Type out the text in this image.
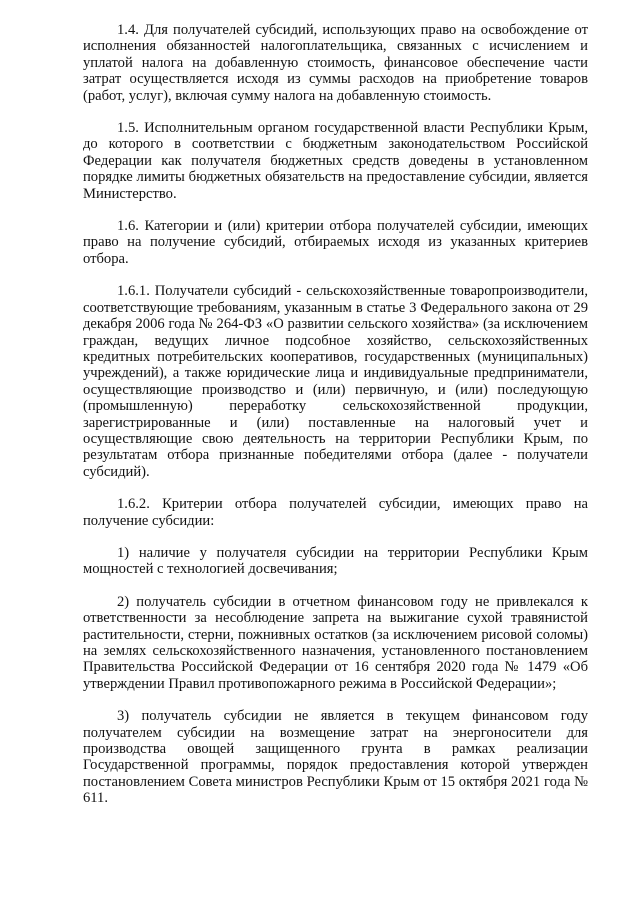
1.4. Для получателей субсидий, использующих право на освобождение от исполнения обязанностей налогоплательщика, связанных с исчислением и уплатой налога на добавленную стоимость, финансовое обеспечение части затрат осуществляется исходя из суммы расходов на приобретение товаров (работ, услуг), включая сумму налога на добавленную стоимость.

1.5. Исполнительным органом государственной власти Республики Крым, до которого в соответствии с бюджетным законодательством Российской Федерации как получателя бюджетных средств доведены в установленном порядке лимиты бюджетных обязательств на предоставление субсидии, является Министерство.

1.6. Категории и (или) критерии отбора получателей субсидии, имеющих право на получение субсидий, отбираемых исходя из указанных критериев отбора.

1.6.1. Получатели субсидий - сельскохозяйственные товаропроизводители, соответствующие требованиям, указанным в статье 3 Федерального закона от 29 декабря 2006 года № 264-ФЗ «О развитии сельского хозяйства» (за исключением граждан, ведущих личное подсобное хозяйство, сельскохозяйственных кредитных потребительских кооперативов, государственных (муниципальных) учреждений), а также юридические лица и индивидуальные предприниматели, осуществляющие производство и (или) первичную, и (или) последующую (промышленную) переработку сельскохозяйственной продукции, зарегистрированные и (или) поставленные на налоговый учет и осуществляющие свою деятельность на территории Республики Крым, по результатам отбора признанные победителями отбора (далее - получатели субсидий).

1.6.2. Критерии отбора получателей субсидии, имеющих право на получение субсидии:

1) наличие у получателя субсидии на территории Республики Крым мощностей с технологией досвечивания;

2) получатель субсидии в отчетном финансовом году не привлекался к ответственности за несоблюдение запрета на выжигание сухой травянистой растительности, стерни, пожнивных остатков (за исключением рисовой соломы) на землях сельскохозяйственного назначения, установленного постановлением Правительства Российской Федерации от 16 сентября 2020 года № 1479 «Об утверждении Правил противопожарного режима в Российской Федерации»;

3) получатель субсидии не является в текущем финансовом году получателем субсидии на возмещение затрат на энергоносители для производства овощей защищенного грунта в рамках реализации Государственной программы, порядок предоставления которой утвержден постановлением Совета министров Республики Крым от 15 октября 2021 года № 611.
